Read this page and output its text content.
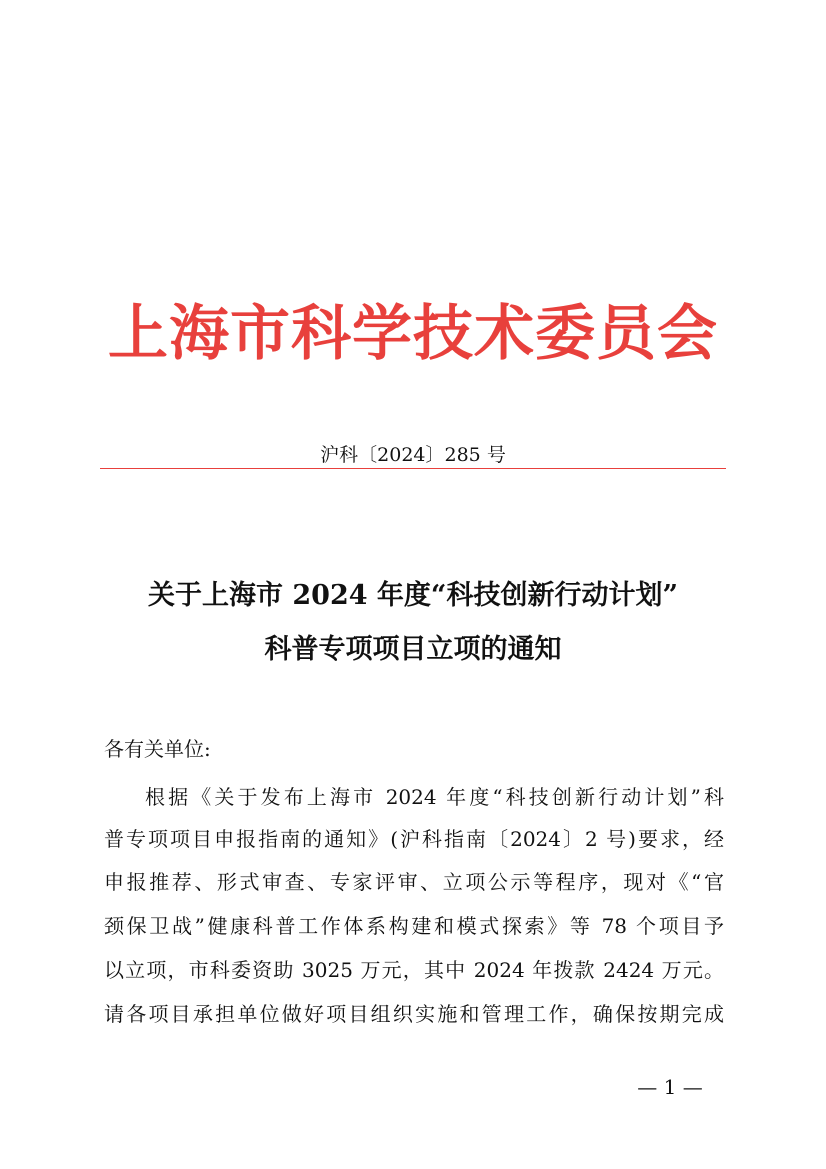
上海市科学技术委员会
沪科〔2024〕285 号
关于上海市 2024 年度“科技创新行动计划”
科普专项项目立项的通知
各有关单位:
根据《关于发布上海市 2024 年度“科技创新行动计划”科
普专项项目申报指南的通知》(沪科指南〔2024〕2 号)要求，经
申报推荐、形式审查、专家评审、立项公示等程序，现对《“官
颈保卫战”健康科普工作体系构建和模式探索》等 78 个项目予
以立项，市科委资助 3025 万元，其中 2024 年拨款 2424 万元。
请各项目承担单位做好项目组织实施和管理工作，确保按期完成
— 1 —
